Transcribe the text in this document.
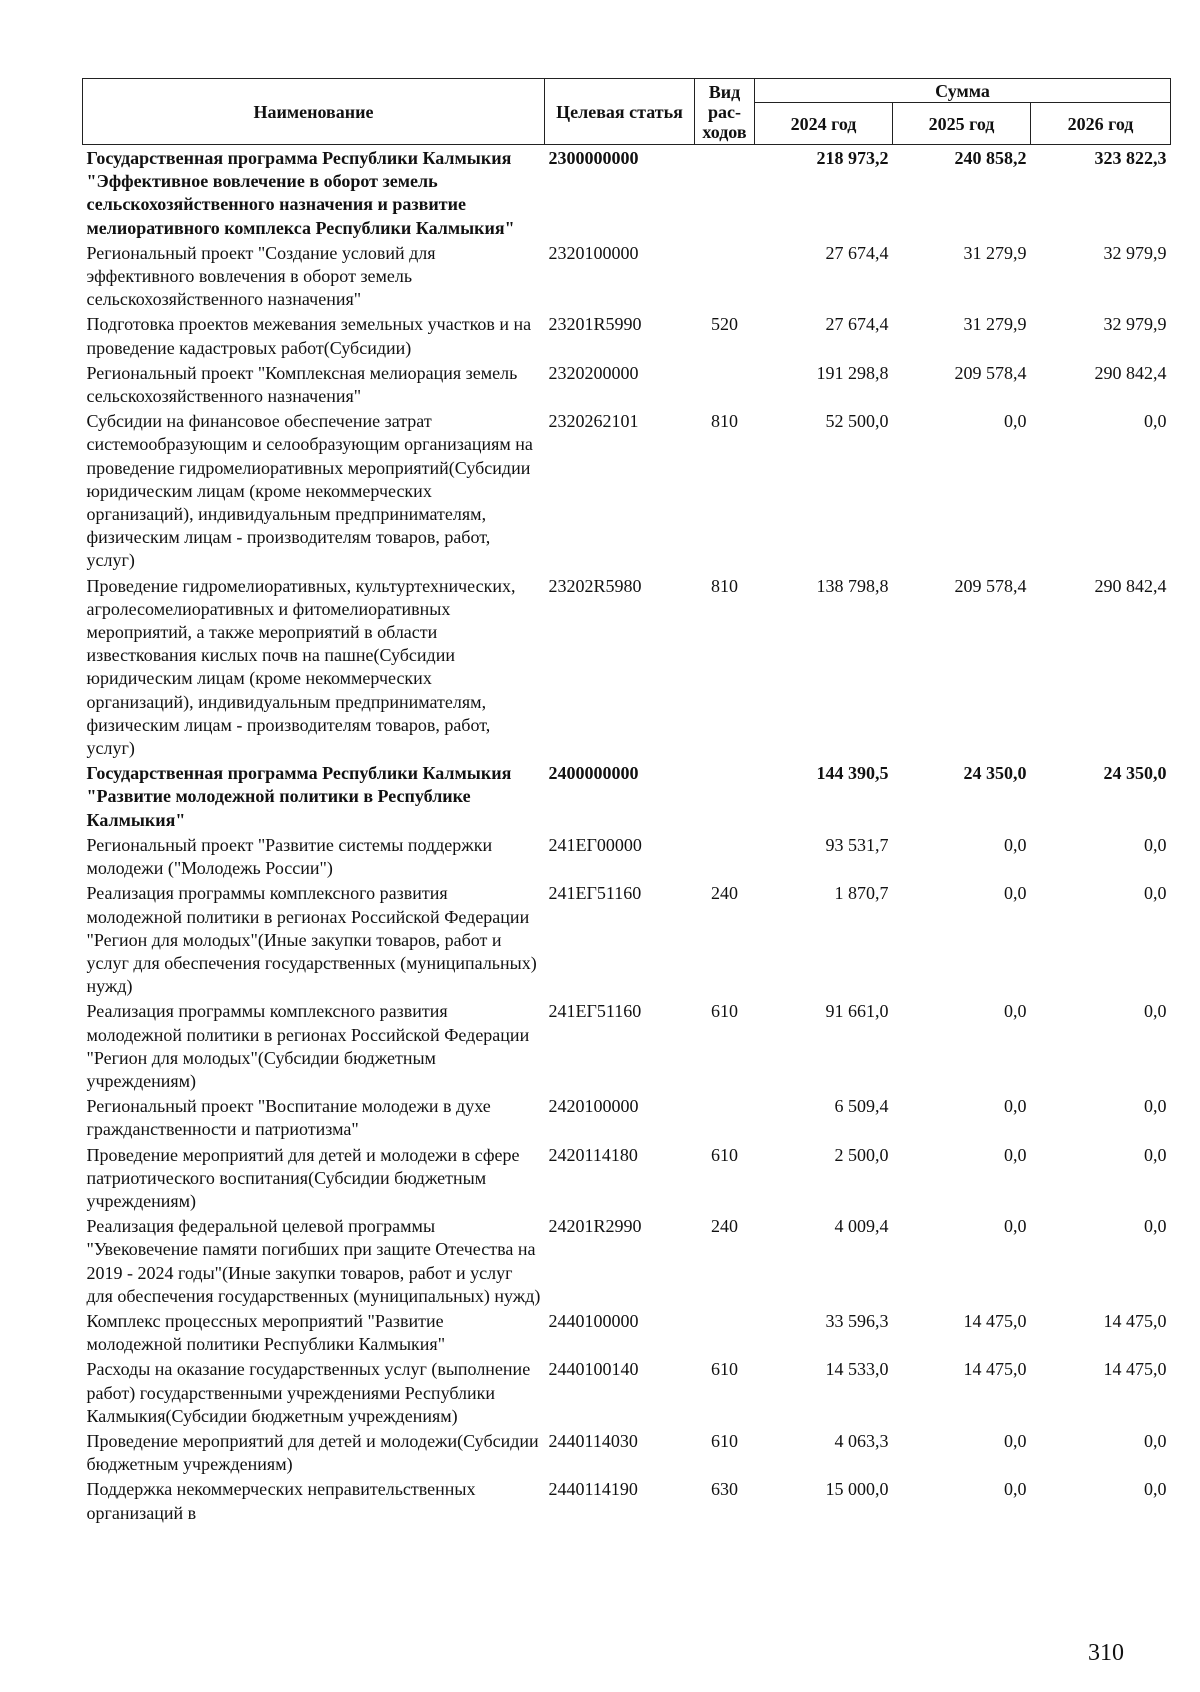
Наименование	Целевая статья	Вид рас-ходов	Сумма		
			2024 год	2025 год	2026 год
Государственная программа Республики Калмыкия "Эффективное вовлечение в оборот земель сельскохозяйственного назначения и развитие мелиоративного комплекса Республики Калмыкия"	2300000000		218 973,2	240 858,2	323 822,3
Региональный проект "Создание условий для эффективного вовлечения в оборот земель сельскохозяйственного назначения"	2320100000		27 674,4	31 279,9	32 979,9
Подготовка проектов межевания земельных участков и на проведение кадастровых работ(Субсидии)	23201R5990	520	27 674,4	31 279,9	32 979,9
Региональный проект "Комплексная мелиорация земель сельскохозяйственного назначения"	2320200000		191 298,8	209 578,4	290 842,4
Субсидии на финансовое обеспечение затрат системообразующим и селообразующим организациям на проведение гидромелиоративных мероприятий(Субсидии юридическим лицам (кроме некоммерческих организаций), индивидуальным предпринимателям, физическим лицам - производителям товаров, работ, услуг)	2320262101	810	52 500,0	0,0	0,0
Проведение гидромелиоративных, культуртехнических, агролесомелиоративных и фитомелиоративных мероприятий, а также мероприятий в области известкования кислых почв на пашне(Субсидии юридическим лицам (кроме некоммерческих организаций), индивидуальным предпринимателям, физическим лицам - производителям товаров, работ, услуг)	23202R5980	810	138 798,8	209 578,4	290 842,4
Государственная программа Республики Калмыкия "Развитие молодежной политики в Республике Калмыкия"	2400000000		144 390,5	24 350,0	24 350,0
Региональный проект "Развитие системы поддержки молодежи ("Молодежь России")	241ЕГ00000		93 531,7	0,0	0,0
Реализация программы комплексного развития молодежной политики в регионах Российской Федерации "Регион для молодых"(Иные закупки товаров, работ и услуг для обеспечения государственных (муниципальных) нужд)	241ЕГ51160	240	1 870,7	0,0	0,0
Реализация программы комплексного развития молодежной политики в регионах Российской Федерации "Регион для молодых"(Субсидии бюджетным учреждениям)	241ЕГ51160	610	91 661,0	0,0	0,0
Региональный проект "Воспитание молодежи в духе гражданственности и патриотизма"	2420100000		6 509,4	0,0	0,0
Проведение мероприятий для детей и молодежи в сфере патриотического воспитания(Субсидии бюджетным учреждениям)	2420114180	610	2 500,0	0,0	0,0
Реализация федеральной целевой программы "Увековечение памяти погибших при защите Отечества на 2019 - 2024 годы"(Иные закупки товаров, работ и услуг для обеспечения государственных (муниципальных) нужд)	24201R2990	240	4 009,4	0,0	0,0
Комплекс процессных мероприятий "Развитие молодежной политики Республики Калмыкия"	2440100000		33 596,3	14 475,0	14 475,0
Расходы на оказание государственных услуг (выполнение работ) государственными учреждениями Республики Калмыкия(Субсидии бюджетным учреждениям)	2440100140	610	14 533,0	14 475,0	14 475,0
Проведение мероприятий для детей и молодежи(Субсидии бюджетным учреждениям)	2440114030	610	4 063,3	0,0	0,0
Поддержка некоммерческих неправительственных организаций в	2440114190	630	15 000,0	0,0	0,0
310
